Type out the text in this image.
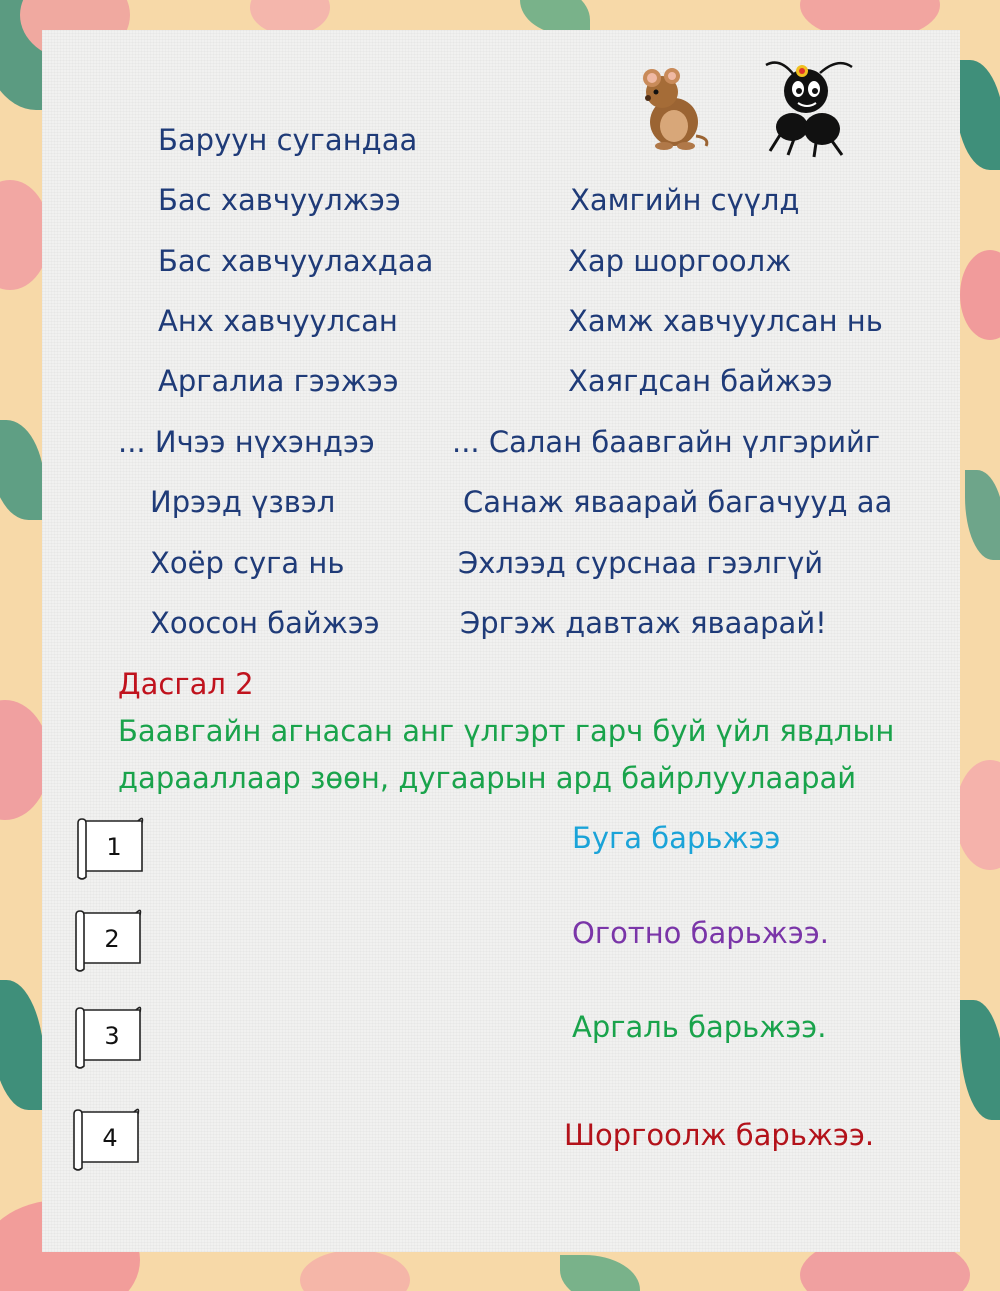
Баруун сугандаа

Бас хавчуулжээ

Бас хавчуулахдаа

Анх хавчуулсан

Аргалиа гээжээ

... Ичээ нүхэндээ

Ирээд үзвэл

Хоёр суга нь

Хоосон байжээ

Хамгийн сүүлд

Хар шоргоолж

Хамж хавчуулсан нь

Хаягдсан байжээ

... Салан баавгайн үлгэрийг

Санаж яваарай багачууд аа

Эхлээд сурснаа гээлгүй

Эргэж давтаж яваарай!

Дасгал 2

Баавгайн агнасан анг үлгэрт гарч буй үйл явдлын

дарааллаар зөөн, дугаарын ард байрлуулаарай

1
2
3
4

Буга барьжээ

Оготно барьжээ.

Аргаль барьжээ.

Шоргоолж барьжээ.
